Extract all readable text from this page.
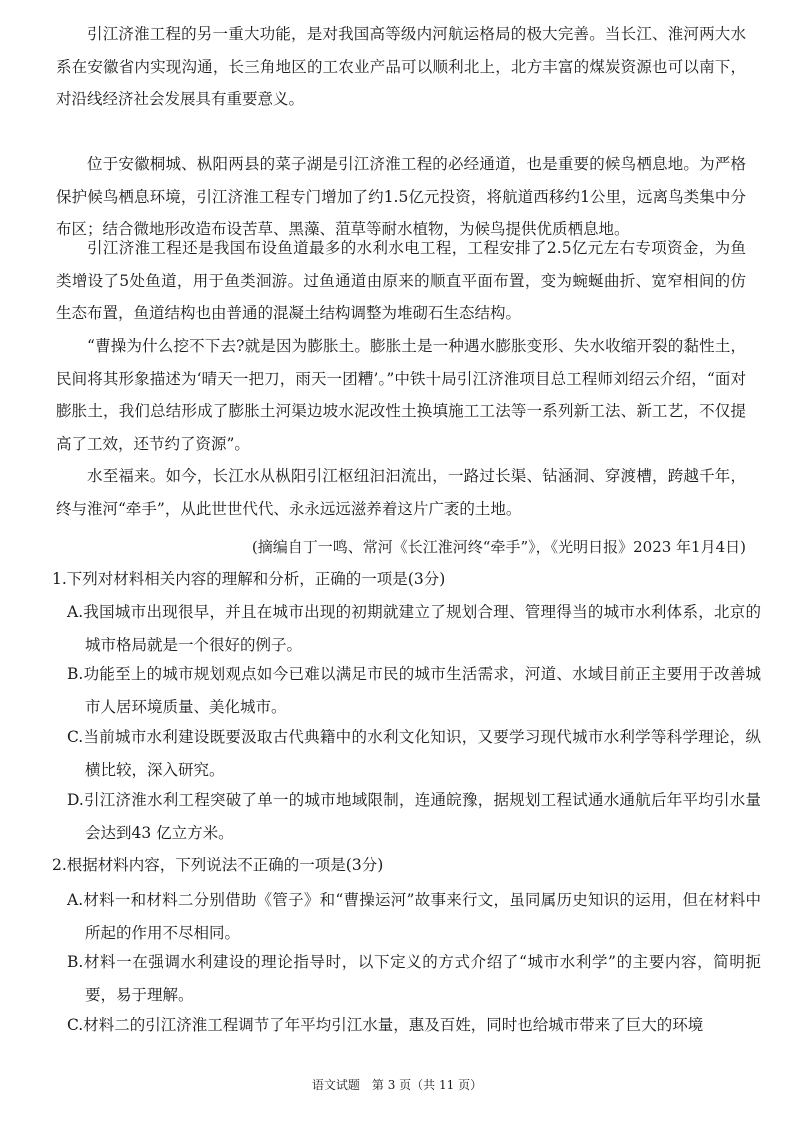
引江济淮工程的另一重大功能，是对我国高等级内河航运格局的极大完善。当长江、淮河两大水系在安徽省内实现沟通，长三角地区的工农业产品可以顺利北上，北方丰富的煤炭资源也可以南下，对沿线经济社会发展具有重要意义。

位于安徽桐城、枞阳两县的菜子湖是引江济淮工程的必经通道，也是重要的候鸟栖息地。为严格保护候鸟栖息环境，引江济淮工程专门增加了约1.5亿元投资，将航道西移约1公里，远离鸟类集中分布区；结合微地形改造布设苦草、黑藻、菹草等耐水植物，为候鸟提供优质栖息地。

引江济淮工程还是我国布设鱼道最多的水利水电工程，工程安排了2.5亿元左右专项资金，为鱼类增设了5处鱼道，用于鱼类洄游。过鱼通道由原来的顺直平面布置，变为蜿蜒曲折、宽窄相间的仿生态布置，鱼道结构也由普通的混凝土结构调整为堆砌石生态结构。

“曹操为什么挖不下去?就是因为膨胀土。膨胀土是一种遇水膨胀变形、失水收缩开裂的黏性土，民间将其形象描述为‘晴天一把刀，雨天一团糟’。”中铁十局引江济淮项目总工程师刘绍云介绍，“面对膨胀土，我们总结形成了膨胀土河渠边坡水泥改性土换填施工工法等一系列新工法、新工艺，不仅提高了工效，还节约了资源”。

水至福来。如今，长江水从枞阳引江枢纽汩汩流出，一路过长渠、钻涵洞、穿渡槽，跨越千年，终与淮河“牵手”，从此世世代代、永永远远滋养着这片广袤的土地。

(摘编自丁一鸣、常河《长江淮河终“牵手”》，《光明日报》2023 年1月4日)

1.下列对材料相关内容的理解和分析，正确的一项是(3分)

A.我国城市出现很早，并且在城市出现的初期就建立了规划合理、管理得当的城市水利体系，北京的城市格局就是一个很好的例子。

B.功能至上的城市规划观点如今已难以满足市民的城市生活需求，河道、水域目前正主要用于改善城市人居环境质量、美化城市。

C.当前城市水利建设既要汲取古代典籍中的水利文化知识，又要学习现代城市水利学等科学理论，纵横比较，深入研究。

D.引江济淮水利工程突破了单一的城市地域限制，连通皖豫，据规划工程试通水通航后年平均引水量会达到43 亿立方米。

2.根据材料内容，下列说法不正确的一项是(3分)

A.材料一和材料二分别借助《管子》和“曹操运河”故事来行文，虽同属历史知识的运用，但在材料中所起的作用不尽相同。

B.材料一在强调水利建设的理论指导时，以下定义的方式介绍了“城市水利学”的主要内容，简明扼要，易于理解。

C.材料二的引江济淮工程调节了年平均引江水量，惠及百姓，同时也给城市带来了巨大的环境

语文试题　第 3 页（共 11 页）
